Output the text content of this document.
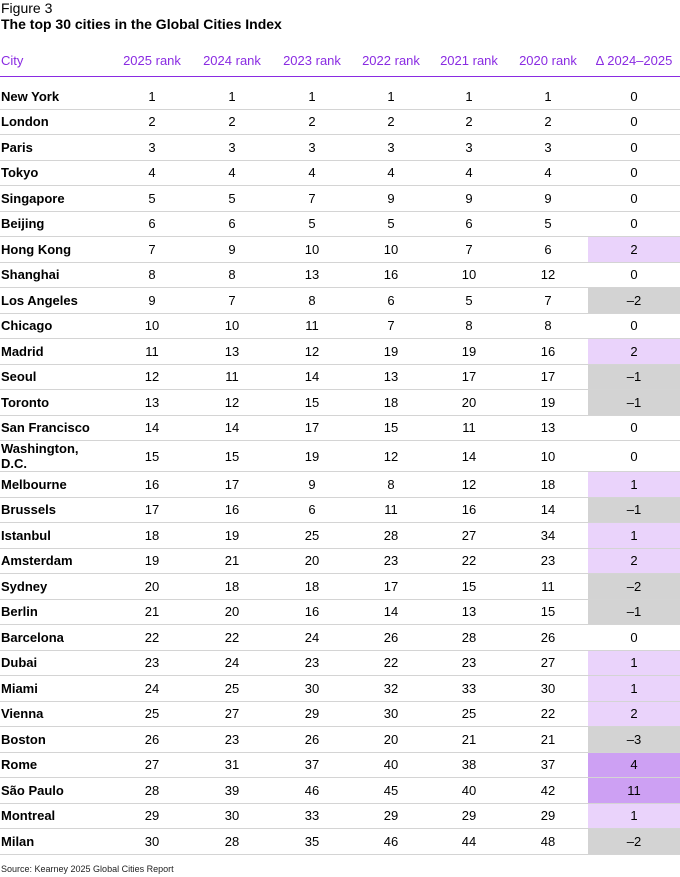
Figure 3
The top 30 cities in the Global Cities Index
City	2025 rank	2024 rank	2023 rank	2022 rank	2021 rank	2020 rank	Δ 2024–2025

New York	1	1	1	1	1	1	0
London	2	2	2	2	2	2	0
Paris	3	3	3	3	3	3	0
Tokyo	4	4	4	4	4	4	0
Singapore	5	5	7	9	9	9	0
Beijing	6	6	5	5	6	5	0
Hong Kong	7	9	10	10	7	6	2
Shanghai	8	8	13	16	10	12	0
Los Angeles	9	7	8	6	5	7	–2
Chicago	10	10	11	7	8	8	0
Madrid	11	13	12	19	19	16	2
Seoul	12	11	14	13	17	17	–1
Toronto	13	12	15	18	20	19	–1
San Francisco	14	14	17	15	11	13	0
Washington, D.C.	15	15	19	12	14	10	0
Melbourne	16	17	9	8	12	18	1
Brussels	17	16	6	11	16	14	–1
Istanbul	18	19	25	28	27	34	1
Amsterdam	19	21	20	23	22	23	2
Sydney	20	18	18	17	15	11	–2
Berlin	21	20	16	14	13	15	–1
Barcelona	22	22	24	26	28	26	0
Dubai	23	24	23	22	23	27	1
Miami	24	25	30	32	33	30	1
Vienna	25	27	29	30	25	22	2
Boston	26	23	26	20	21	21	–3
Rome	27	31	37	40	38	37	4
São Paulo	28	39	46	45	40	42	11
Montreal	29	30	33	29	29	29	1
Milan	30	28	35	46	44	48	–2
Source: Kearney 2025 Global Cities Report
